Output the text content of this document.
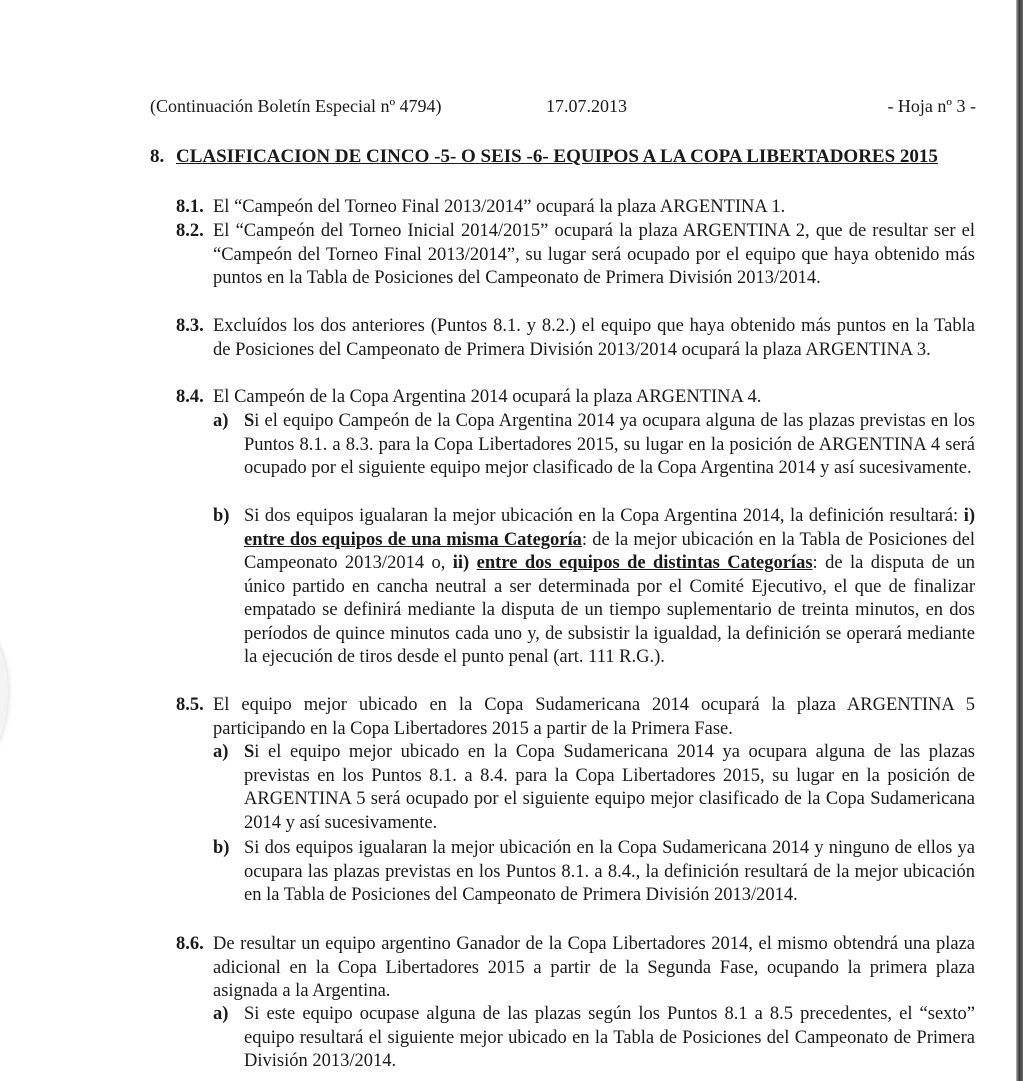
(Continuación Boletín Especial nº 4794)	17.07.2013	- Hoja nº 3 -
8. CLASIFICACION DE CINCO -5- O SEIS -6- EQUIPOS A LA COPA LIBERTADORES 2015
8.1. El “Campeón del Torneo Final 2013/2014” ocupará la plaza ARGENTINA 1.
8.2. El “Campeón del Torneo Inicial 2014/2015” ocupará la plaza ARGENTINA 2, que de resultar ser el “Campeón del Torneo Final 2013/2014”, su lugar será ocupado por el equipo que haya obtenido más puntos en la Tabla de Posiciones del Campeonato de Primera División 2013/2014.
8.3. Excluídos los dos anteriores (Puntos 8.1. y 8.2.) el equipo que haya obtenido más puntos en la Tabla de Posiciones del Campeonato de Primera División 2013/2014 ocupará la plaza ARGENTINA 3.
8.4. El Campeón de la Copa Argentina 2014 ocupará la plaza ARGENTINA 4.
a) Si el equipo Campeón de la Copa Argentina 2014 ya ocupara alguna de las plazas previstas en los Puntos 8.1. a 8.3. para la Copa Libertadores 2015, su lugar en la posición de ARGENTINA 4 será ocupado por el siguiente equipo mejor clasificado de la Copa Argentina 2014 y así sucesivamente.
b) Si dos equipos igualaran la mejor ubicación en la Copa Argentina 2014, la definición resultará: i) entre dos equipos de una misma Categoría: de la mejor ubicación en la Tabla de Posiciones del Campeonato 2013/2014 o, ii) entre dos equipos de distintas Categorías: de la disputa de un único partido en cancha neutral a ser determinada por el Comité Ejecutivo, el que de finalizar empatado se definirá mediante la disputa de un tiempo suplementario de treinta minutos, en dos períodos de quince minutos cada uno y, de subsistir la igualdad, la definición se operará mediante la ejecución de tiros desde el punto penal (art. 111 R.G.).
8.5. El equipo mejor ubicado en la Copa Sudamericana 2014 ocupará la plaza ARGENTINA 5 participando en la Copa Libertadores 2015 a partir de la Primera Fase.
a) Si el equipo mejor ubicado en la Copa Sudamericana 2014 ya ocupara alguna de las plazas previstas en los Puntos 8.1. a 8.4. para la Copa Libertadores 2015, su lugar en la posición de ARGENTINA 5 será ocupado por el siguiente equipo mejor clasificado de la Copa Sudamericana 2014 y así sucesivamente.
b) Si dos equipos igualaran la mejor ubicación en la Copa Sudamericana 2014 y ninguno de ellos ya ocupara las plazas previstas en los Puntos 8.1. a 8.4., la definición resultará de la mejor ubicación en la Tabla de Posiciones del Campeonato de Primera División 2013/2014.
8.6. De resultar un equipo argentino Ganador de la Copa Libertadores 2014, el mismo obtendrá una plaza adicional en la Copa Libertadores 2015 a partir de la Segunda Fase, ocupando la primera plaza asignada a la Argentina.
a) Si este equipo ocupase alguna de las plazas según los Puntos 8.1 a 8.5 precedentes, el “sexto” equipo resultará el siguiente mejor ubicado en la Tabla de Posiciones del Campeonato de Primera División 2013/2014.
